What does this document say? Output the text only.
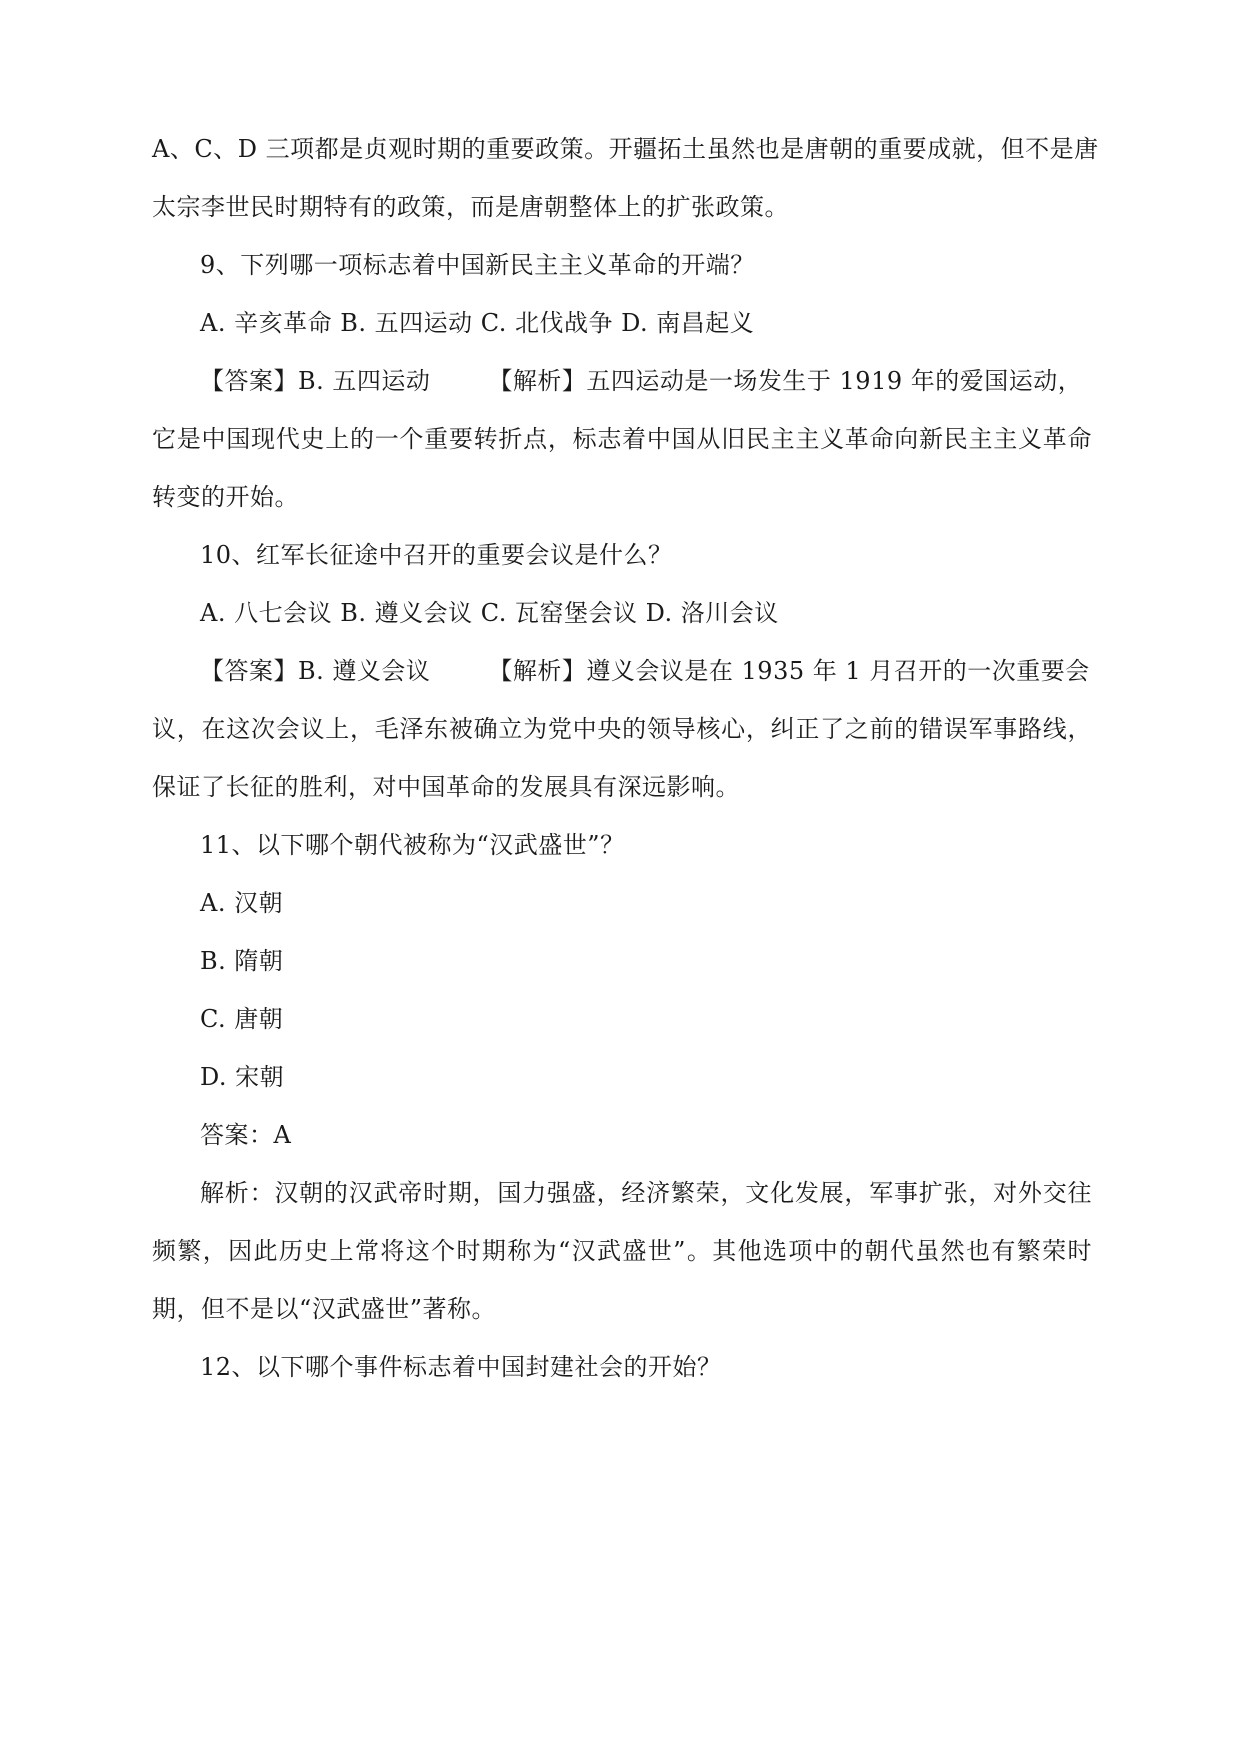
A、C、D 三项都是贞观时期的重要政策。开疆拓土虽然也是唐朝的重要成就，但不是唐
太宗李世民时期特有的政策，而是唐朝整体上的扩张政策。
9、下列哪一项标志着中国新民主主义革命的开端？
A. 辛亥革命 B. 五四运动 C. 北伐战争 D. 南昌起义
【答案】B. 五四运动 【解析】五四运动是一场发生于 1919 年的爱国运动，
它是中国现代史上的一个重要转折点，标志着中国从旧民主主义革命向新民主主义革命
转变的开始。
10、红军长征途中召开的重要会议是什么？
A. 八七会议 B. 遵义会议 C. 瓦窑堡会议 D. 洛川会议
【答案】B. 遵义会议 【解析】遵义会议是在 1935 年 1 月召开的一次重要会
议，在这次会议上，毛泽东被确立为党中央的领导核心，纠正了之前的错误军事路线，
保证了长征的胜利，对中国革命的发展具有深远影响。
11、以下哪个朝代被称为“汉武盛世”？
A. 汉朝
B. 隋朝
C. 唐朝
D. 宋朝
答案：A
解析：汉朝的汉武帝时期，国力强盛，经济繁荣，文化发展，军事扩张，对外交往
频繁，因此历史上常将这个时期称为“汉武盛世”。其他选项中的朝代虽然也有繁荣时
期，但不是以“汉武盛世”著称。
12、以下哪个事件标志着中国封建社会的开始？
